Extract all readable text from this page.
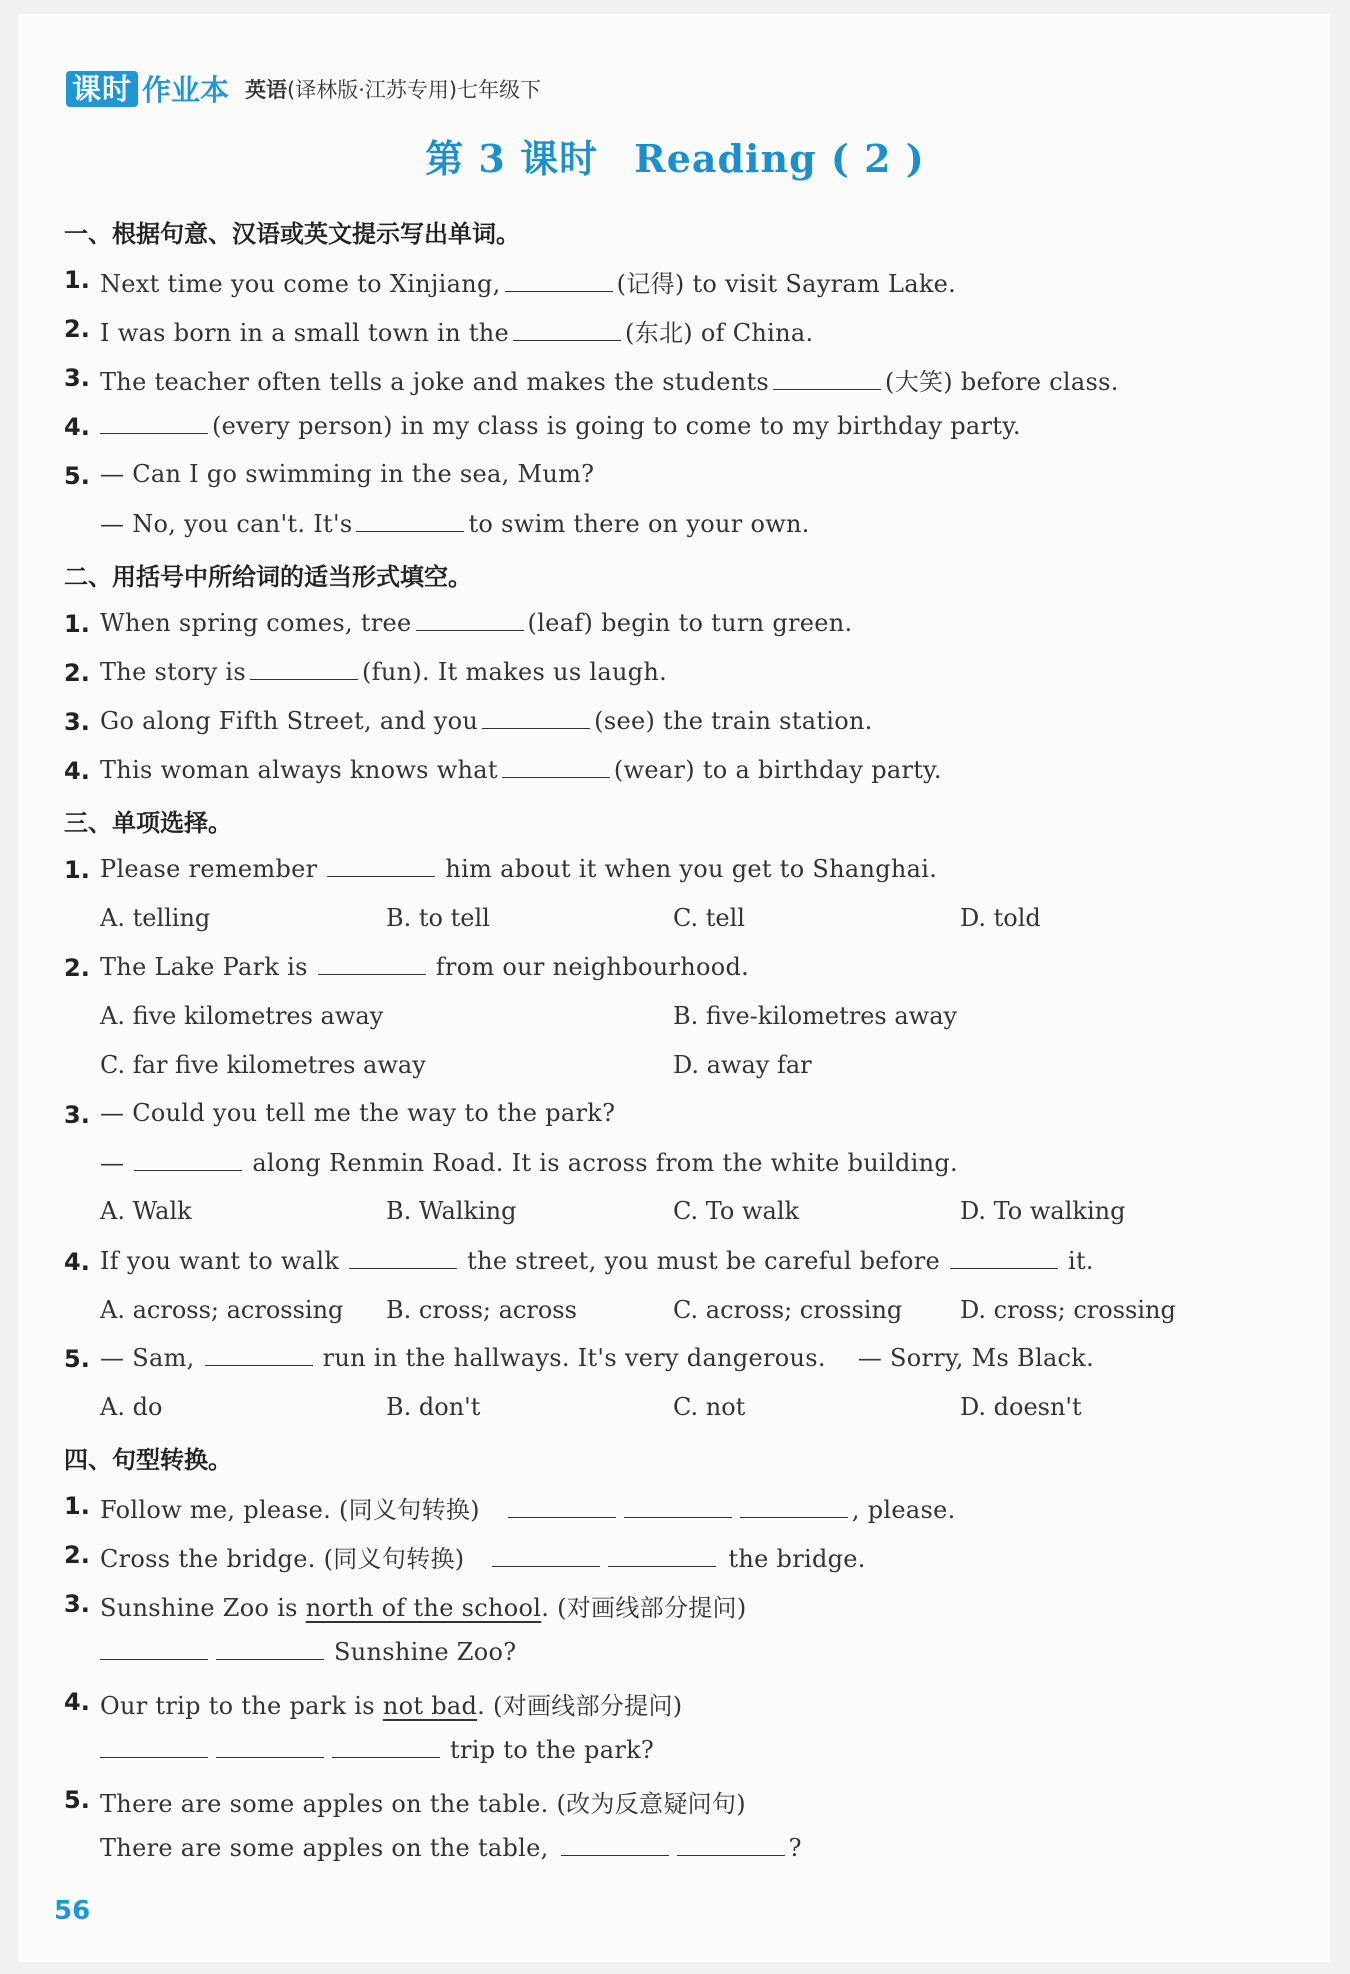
课时 作业本 英语(译林版·江苏专用)七年级下
第 3 课时 Reading ( 2 )
一、根据句意、汉语或英文提示写出单词。
1. Next time you come to Xinjiang,	(记得) to visit Sayram Lake.
2. I was born in a small town in the	(东北) of China.
3. The teacher often tells a joke and makes the students	(大笑) before class.
4.	(every person) in my class is going to come to my birthday party.
5. — Can I go swimming in the sea, Mum?
— No, you can't. It's	to swim there on your own.
二、用括号中所给词的适当形式填空。
1. When spring comes, tree	(leaf) begin to turn green.
2. The story is	(fun). It makes us laugh.
3. Go along Fifth Street, and you	(see) the train station.
4. This woman always knows what	(wear) to a birthday party.
三、单项选择。
1. Please remember	him about it when you get to Shanghai.
A. telling	B. to tell	C. tell	D. told
2. The Lake Park is	from our neighbourhood.
A. five kilometres away	B. five-kilometres away
C. far five kilometres away	D. away far
3. — Could you tell me the way to the park?
—	along Renmin Road. It is across from the white building.
A. Walk	B. Walking	C. To walk	D. To walking
4. If you want to walk	the street, you must be careful before	it.
A. across; acrossing B. cross; across	C. across; crossing D. cross; crossing
5. — Sam,	run in the hallways. It's very dangerous. — Sorry, Ms Black.
A. do	B. don't	C. not	D. doesn't
四、句型转换。
1. Follow me, please. (同义句转换)	, please.
2. Cross the bridge. (同义句转换)	the bridge.
3. Sunshine Zoo is north of the school. (对画线部分提问)
Sunshine Zoo?
4. Our trip to the park is not bad. (对画线部分提问)
trip to the park?
5. There are some apples on the table. (改为反意疑问句)
There are some apples on the table,	?
56
